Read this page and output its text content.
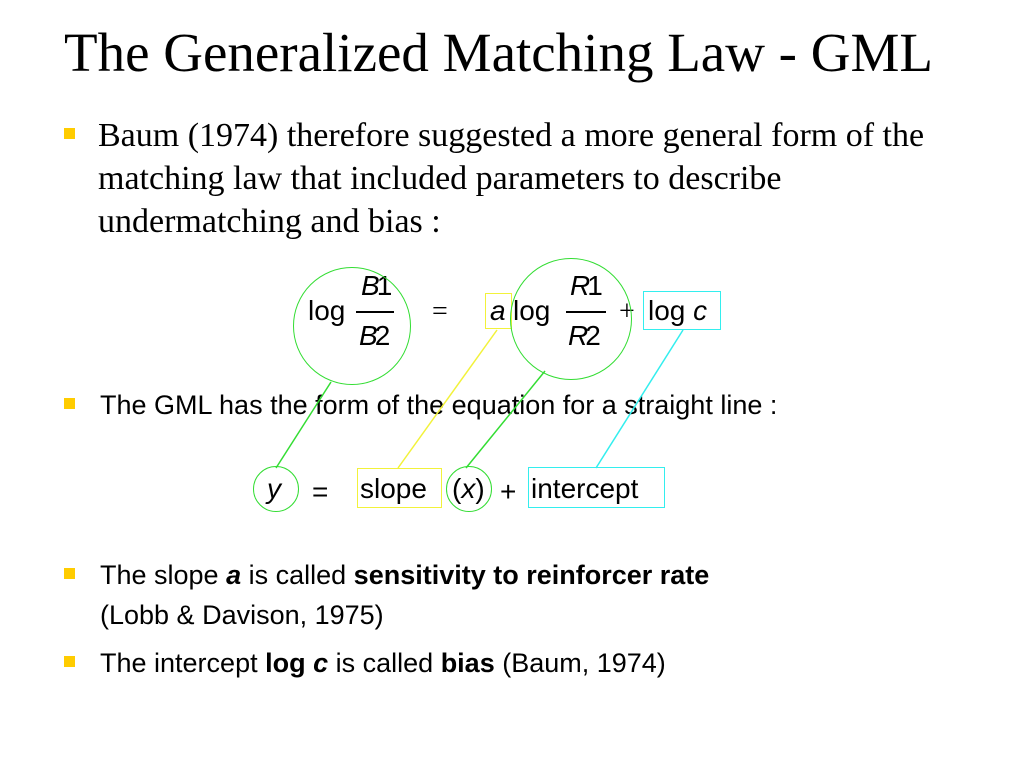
The Generalized Matching Law - GML
Baum (1974) therefore suggested a more general form of the matching law that included parameters to describe undermatching and bias :
log
B1
B2
= a log
R1
R2
+ log c
The GML has the form of the equation for a straight line :
y = slope (x) + intercept
The slope a is called sensitivity to reinforcer rate
(Lobb & Davison, 1975)
The intercept log c is called bias (Baum, 1974)
